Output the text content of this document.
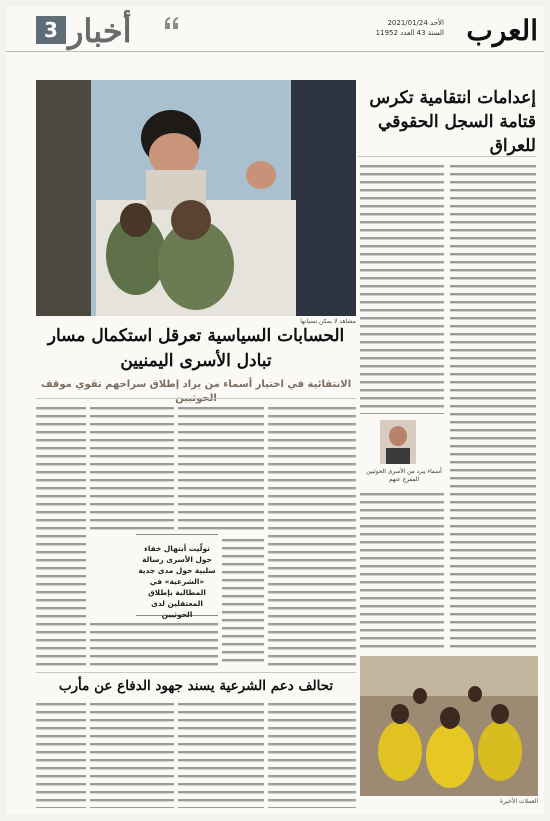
العرب
الأحد 2021/01/24
السنة 43 العدد 11952
أخبار
3
مشاهد لا يمكن نسيانها
إعدامات انتقامية تكرس قتامة السجل الحقوقي للعراق
أسماء يبرد من الأسرى الحوثيين المفرج عنهم
الحسابات السياسية تعرقل استكمال مسار تبادل الأسرى اليمنيين
الانتقائية في اختيار أسماء من يراد إطلاق سراحهم تقوي موقف
تولّيت أبتهال خفاء حول الأسرى رسالة سلبية حول مدى جدية «الشرعية» في المطالبة بإطلاق المعتقلين لدى الحوثيين
تحالف دعم الشرعية يسند جهود الدفاع عن مأرب
العملات الأخيرة
